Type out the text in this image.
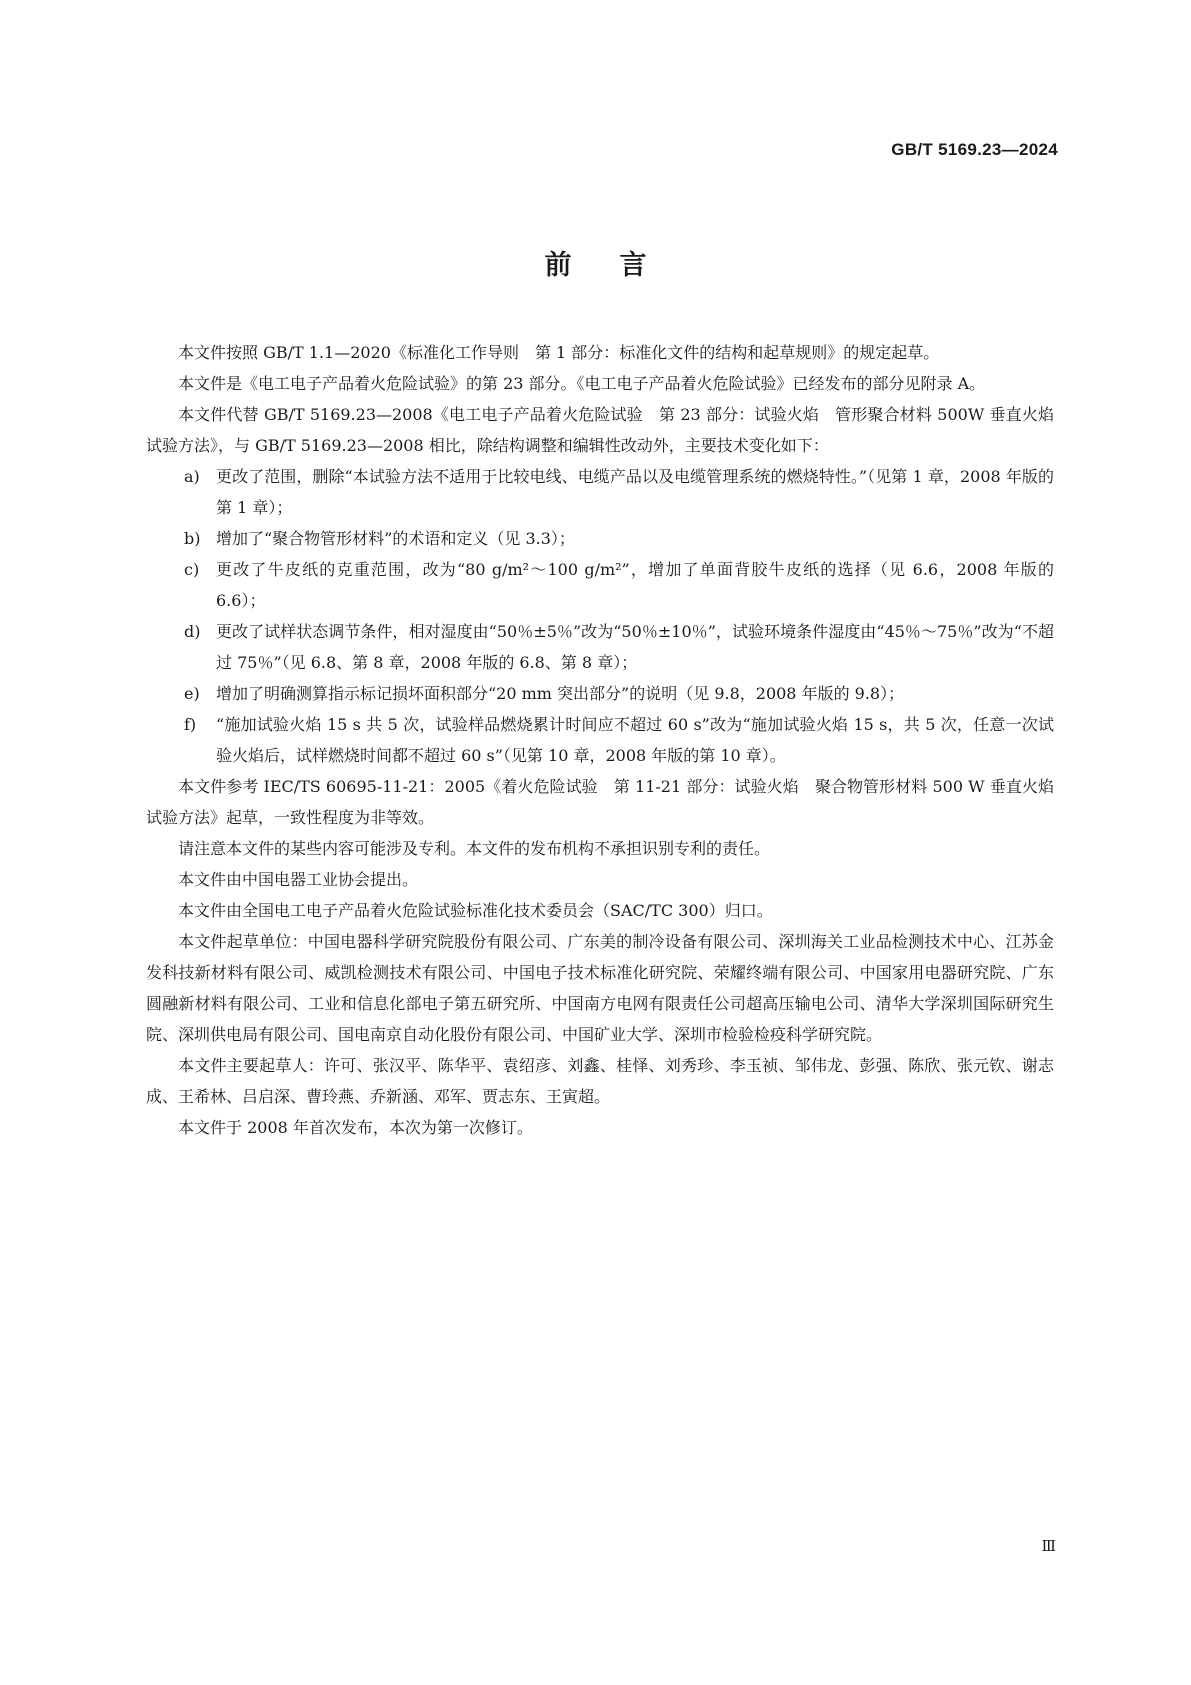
GB/T 5169.23—2024
前言

本文件按照 GB/T 1.1—2020《标准化工作导则　第 1 部分：标准化文件的结构和起草规则》的规定起草。

本文件是《电工电子产品着火危险试验》的第 23 部分。《电工电子产品着火危险试验》已经发布的部分见附录 A。

本文件代替 GB/T 5169.23—2008《电工电子产品着火危险试验　第 23 部分：试验火焰　管形聚合材料 500W 垂直火焰试验方法》，与 GB/T 5169.23—2008 相比，除结构调整和编辑性改动外，主要技术变化如下：

a) 更改了范围，删除“本试验方法不适用于比较电线、电缆产品以及电缆管理系统的燃烧特性。”（见第 1 章，2008 年版的第 1 章）；
b) 增加了“聚合物管形材料”的术语和定义（见 3.3）；
c) 更改了牛皮纸的克重范围，改为“80 g/m²～100 g/m²”，增加了单面背胶牛皮纸的选择（见 6.6，2008 年版的 6.6）；
d) 更改了试样状态调节条件，相对湿度由“50％±5％”改为“50％±10％”，试验环境条件湿度由“45％～75％”改为“不超过 75％”（见 6.8、第 8 章，2008 年版的 6.8、第 8 章）；
e) 增加了明确测算指示标记损坏面积部分“20 mm 突出部分”的说明（见 9.8，2008 年版的 9.8）；
f) “施加试验火焰 15 s 共 5 次，试验样品燃烧累计时间应不超过 60 s”改为“施加试验火焰 15 s，共 5 次，任意一次试验火焰后，试样燃烧时间都不超过 60 s”（见第 10 章，2008 年版的第 10 章）。

本文件参考 IEC/TS 60695-11-21：2005《着火危险试验　第 11-21 部分：试验火焰　聚合物管形材料 500 W 垂直火焰试验方法》起草，一致性程度为非等效。

请注意本文件的某些内容可能涉及专利。本文件的发布机构不承担识别专利的责任。

本文件由中国电器工业协会提出。

本文件由全国电工电子产品着火危险试验标准化技术委员会（SAC/TC 300）归口。

本文件起草单位：中国电器科学研究院股份有限公司、广东美的制冷设备有限公司、深圳海关工业品检测技术中心、江苏金发科技新材料有限公司、威凯检测技术有限公司、中国电子技术标准化研究院、荣耀终端有限公司、中国家用电器研究院、广东圆融新材料有限公司、工业和信息化部电子第五研究所、中国南方电网有限责任公司超高压输电公司、清华大学深圳国际研究生院、深圳供电局有限公司、国电南京自动化股份有限公司、中国矿业大学、深圳市检验检疫科学研究院。

本文件主要起草人：许可、张汉平、陈华平、袁绍彦、刘鑫、桂怿、刘秀珍、李玉祯、邹伟龙、彭强、陈欣、张元钦、谢志成、王希林、吕启深、曹玲燕、乔新涵、邓军、贾志东、王寅超。

本文件于 2008 年首次发布，本次为第一次修订。

Ⅲ
